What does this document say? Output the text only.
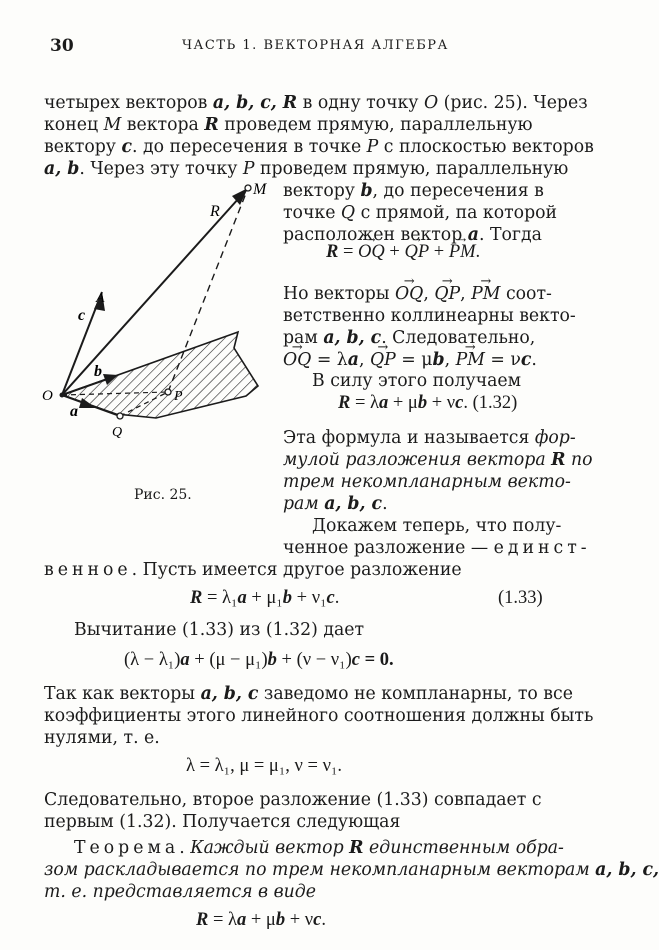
30	ЧАСТЬ 1. ВЕКТОРНАЯ АЛГЕБРА
четырех векторов a, b, c, R в одну точку O (рис. 25). Через
конец M вектора R проведем прямую, параллельную
вектору c. до пересечения в точке P с плоскостью векторов
a, b. Через эту точку P проведем прямую, параллельную
M
R
A
c
O
b
a
P
Q
Рис. 25.
вектору b, до пересечения в
точке Q с прямой, па которой
расположен вектор a. Тогда
R = → OQ + → QP + → PM.
Но векторы → OQ, → QP, → PM соот-
ветственно коллинеарны векто-
рам a, b, c. Следовательно,
→ OQ = λa, → QP = μb, → PM = νc.
В силу этого получаем
R = λa + μb + νc. (1.32)
Эта формула и называется фор-
мулой разложения вектора R по
трем некомпланарным векто-
рам a, b, c.
Докажем теперь, что полу-
ченное разложение — единст-
венное. Пусть имеется другое разложение
R = λ₁a + μ₁b + ν₁c.	(1.33)
Вычитание (1.33) из (1.32) дает
(λ − λ₁)a + (μ − μ₁)b + (ν − ν₁)c = 0.
Так как векторы a, b, c заведомо не компланарны, то все
коэффициенты этого линейного соотношения должны быть
нулями, т. е.
λ = λ₁, μ = μ₁, ν = ν₁.
Следовательно, второе разложение (1.33) совпадает с
первым (1.32). Получается следующая
Теорема. Каждый вектор R единственным обра-
зом раскладывается по трем некомпланарным векторам a, b, c,
т. е. представляется в виде
R = λa + μb + νc.
